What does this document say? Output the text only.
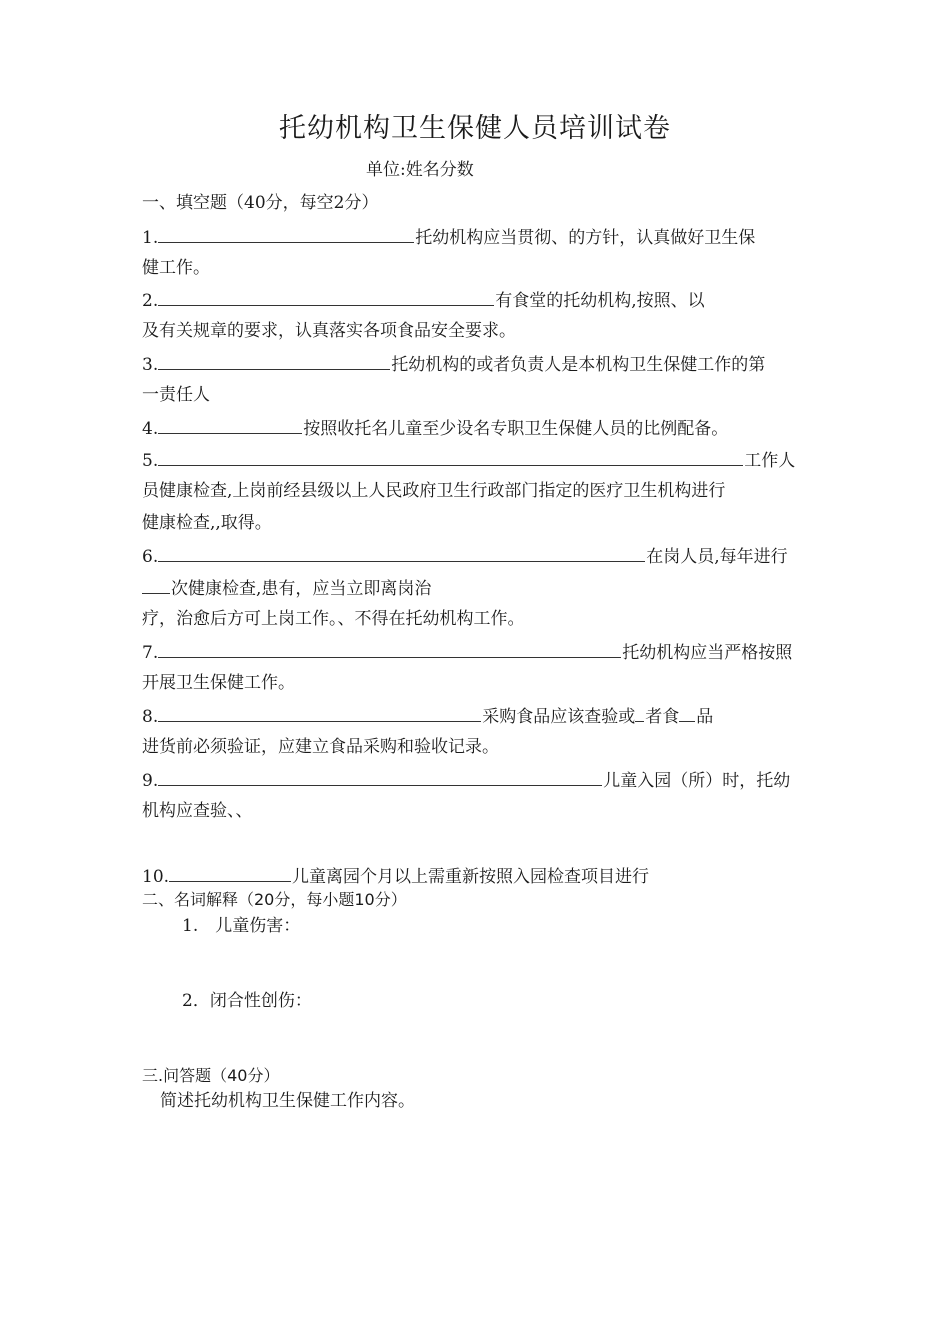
托幼机构卫生保健人员培训试卷
单位:姓名分数
一、填空题（40分，每空2分）
1.	托幼机构应当贯彻、的方针，认真做好卫生保
健工作。
2.	有食堂的托幼机构,按照、以
及有关规章的要求，认真落实各项食品安全要求。
3.	托幼机构的或者负责人是本机构卫生保健工作的第
一责任人
4.	按照收托名儿童至少设名专职卫生保健人员的比例配备。
5.	工作人
员健康检查,上岗前经县级以上人民政府卫生行政部门指定的医疗卫生机构进行
健康检查,,取得。
6.	在岗人员,每年进行
次健康检查,患有，应当立即离岗治
疗，治愈后方可上岗工作。、不得在托幼机构工作。
7.	托幼机构应当严格按照
开展卫生保健工作。
8.	采购食品应该查验或 者食 品
进货前必须验证，应建立食品采购和验收记录。
9.	儿童入园（所）时，托幼
机构应查验、、
10.	儿童离园个月以上需重新按照入园检查项目进行
二、名词解释（20分，每小题10分）
1.　儿童伤害：
2．闭合性创伤：
三.问答题（40分）
简述托幼机构卫生保健工作内容。
